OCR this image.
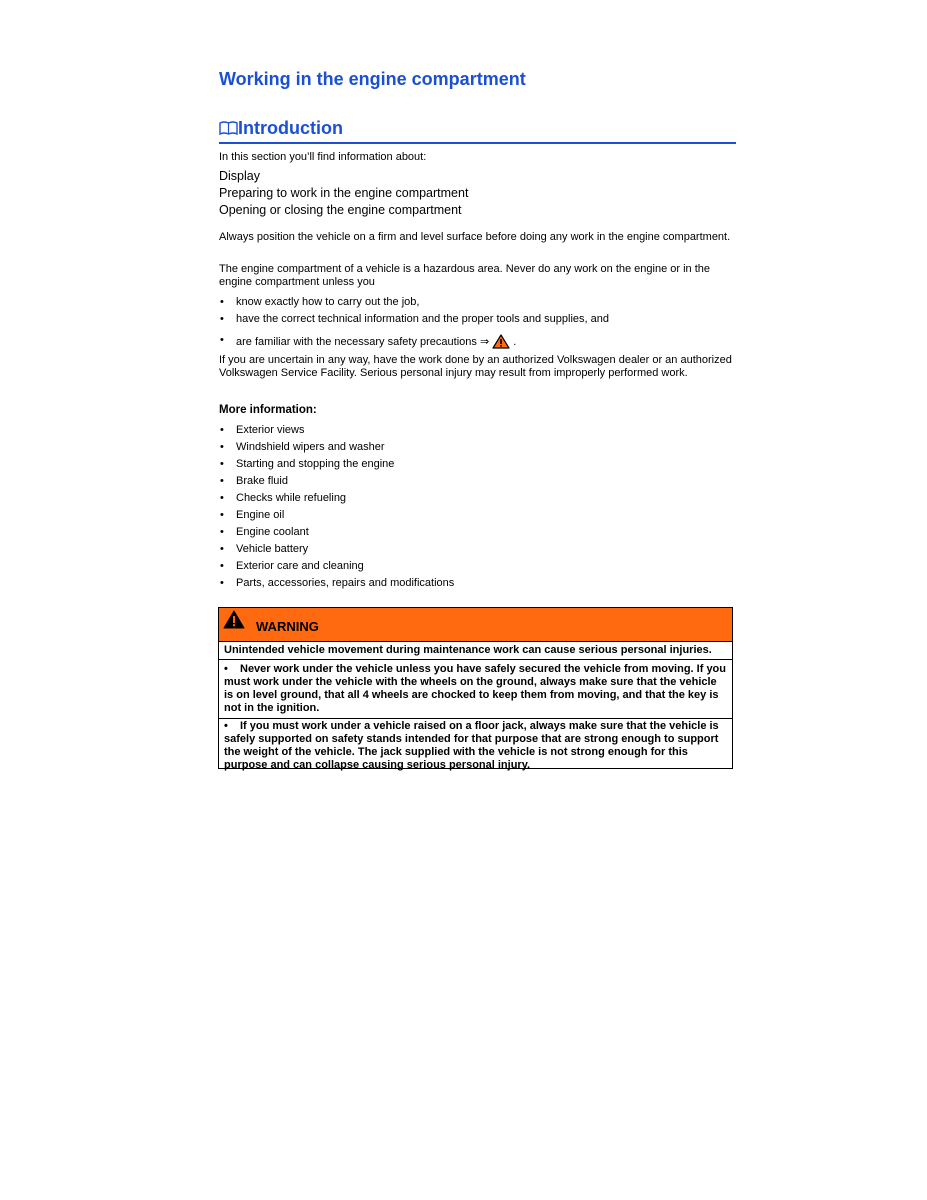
Working in the engine compartment
Introduction

In this section you’ll find information about:

Display
Preparing to work in the engine compartment
Opening or closing the engine compartment

Always position the vehicle on a firm and level surface before doing any work in the engine compartment.

The engine compartment of a vehicle is a hazardous area. Never do any work on the engine or in the engine compartment unless you

• know exactly how to carry out the job,
• have the correct technical information and the proper tools and supplies, and
• are familiar with the necessary safety precautions ⇒ .

If you are uncertain in any way, have the work done by an authorized Volkswagen dealer or an authorized Volkswagen Service Facility. Serious personal injury may result from improperly performed work.

More information:
• Exterior views
• Windshield wipers and washer
• Starting and stopping the engine
• Brake fluid
• Checks while refueling
• Engine oil
• Engine coolant
• Vehicle battery
• Exterior care and cleaning
• Parts, accessories, repairs and modifications
WARNING
Unintended vehicle movement during maintenance work can cause serious personal injuries.
• Never work under the vehicle unless you have safely secured the vehicle from moving. If you must work under the vehicle with the wheels on the ground, always make sure that the vehicle is on level ground, that all 4 wheels are chocked to keep them from moving, and that the key is not in the ignition.
• If you must work under a vehicle raised on a floor jack, always make sure that the vehicle is safely supported on safety stands intended for that purpose that are strong enough to support the weight of the vehicle. The jack supplied with the vehicle is not strong enough for this purpose and can collapse causing serious personal injury.
